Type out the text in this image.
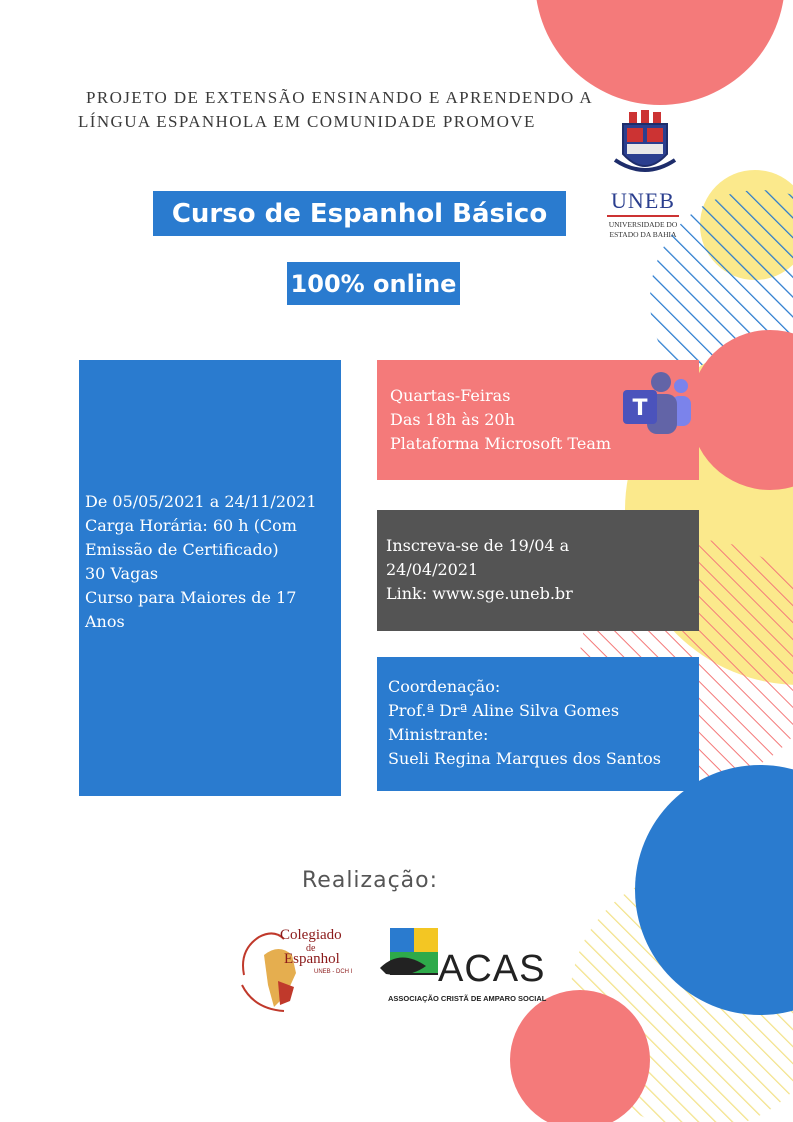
PROJETO DE EXTENSÃO ENSINANDO E APRENDENDO A
LÍNGUA ESPANHOLA EM COMUNIDADE PROMOVE
UNEB
UNIVERSIDADE DO
ESTADO DA BAHIA
Curso de Espanhol Básico
100% online

De 05/05/2021 a 24/11/2021

Carga Horária: 60 h (Com

Emissão de Certificado)

30 Vagas

Curso para Maiores de 17

Anos

Quartas-Feiras

Das 18h às 20h

Plataforma Microsoft Team

T

Inscreva-se de 19/04 a

24/04/2021

Link: www.sge.uneb.br

Coordenação:

Prof.ª Drª Aline Silva Gomes

Ministrante:

Sueli Regina Marques dos Santos

Realização:
Colegiado
de
Espanhol
UNEB - DCH I ACAS
ASSOCIAÇÃO CRISTÃ DE AMPARO SOCIAL
